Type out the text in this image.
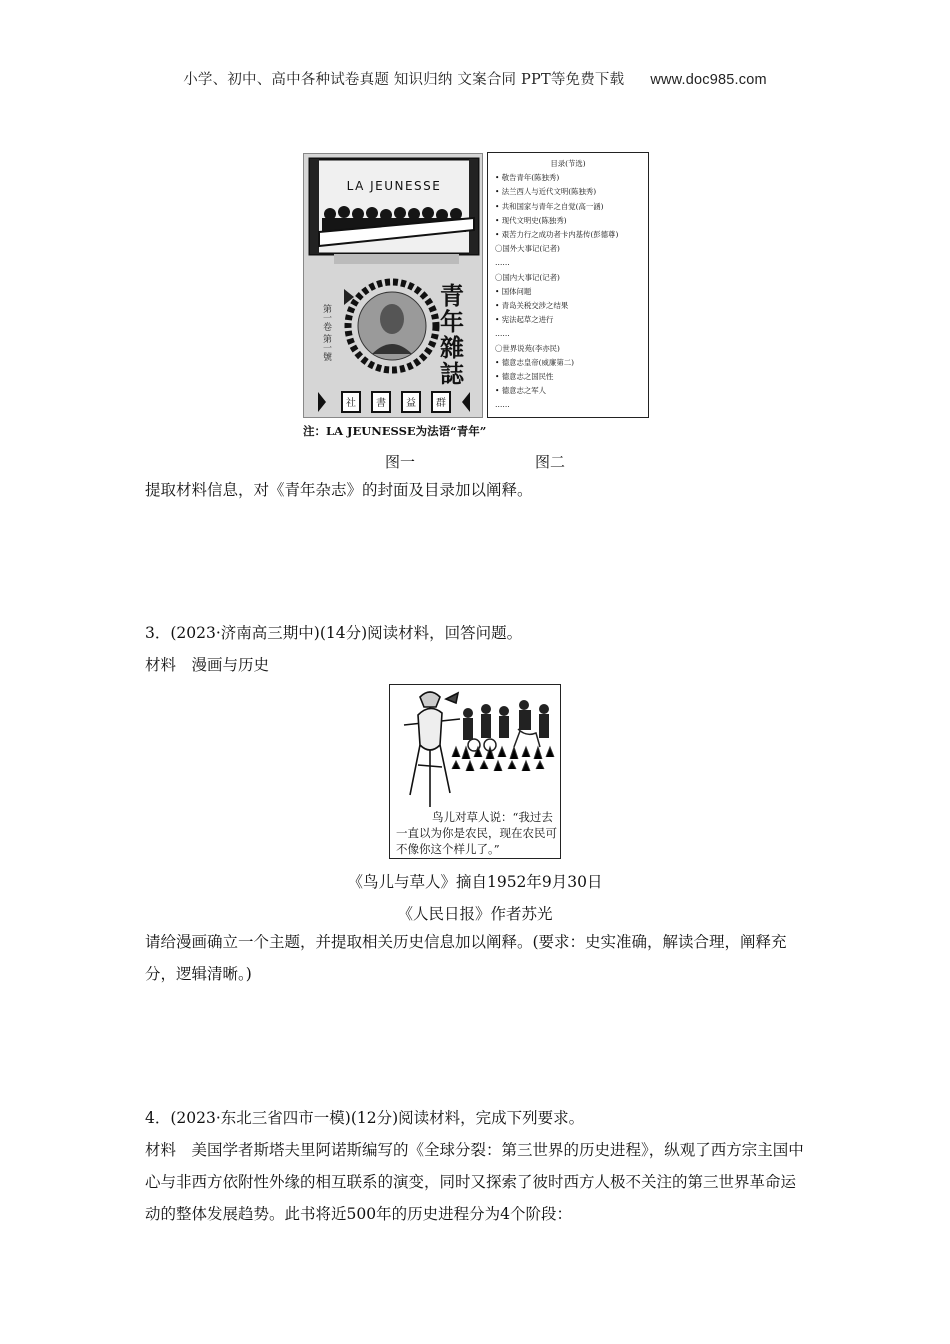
小学、初中、高中各种试卷真题 知识归纳 文案合同 PPT等免费下载 www.doc985.com
LA JEUNESSE
青
年
雜
誌
第一卷 第一號
社 書 益 群
目录(节选)
• 敬告青年(陈独秀)
• 法兰西人与近代文明(陈独秀)
• 共和国家与青年之自觉(高一涵)
• 现代文明史(陈独秀)
• 艰苦力行之成功者卡内基传(彭德尊)
〇国外大事记(记者)
……
〇国内大事记(记者)
• 国体问题
• 青岛关税交涉之结果
• 宪法起草之进行
……
〇世界说苑(李亦民)
• 德意志皇帝(威廉第二)
• 德意志之国民性
• 德意志之军人
……
注：LA JEUNESSE为法语“青年”
图一	图二
提取材料信息，对《青年杂志》的封面及目录加以阐释。
3．(2023·济南高三期中)(14分)阅读材料，回答问题。
材料　漫画与历史
鸟儿对草人说：“我过去一直以为你是农民，现在农民可不像你这个样儿了。”
《鸟儿与草人》摘自1952年9月30日
《人民日报》作者苏光
请给漫画确立一个主题，并提取相关历史信息加以阐释。(要求：史实准确，解读合理，阐释充分，逻辑清晰。)
4．(2023·东北三省四市一模)(12分)阅读材料，完成下列要求。
材料　美国学者斯塔夫里阿诺斯编写的《全球分裂：第三世界的历史进程》，纵观了西方宗主国中心与非西方依附性外缘的相互联系的演变，同时又探索了彼时西方人极不关注的第三世界革命运动的整体发展趋势。此书将近500年的历史进程分为4个阶段：
